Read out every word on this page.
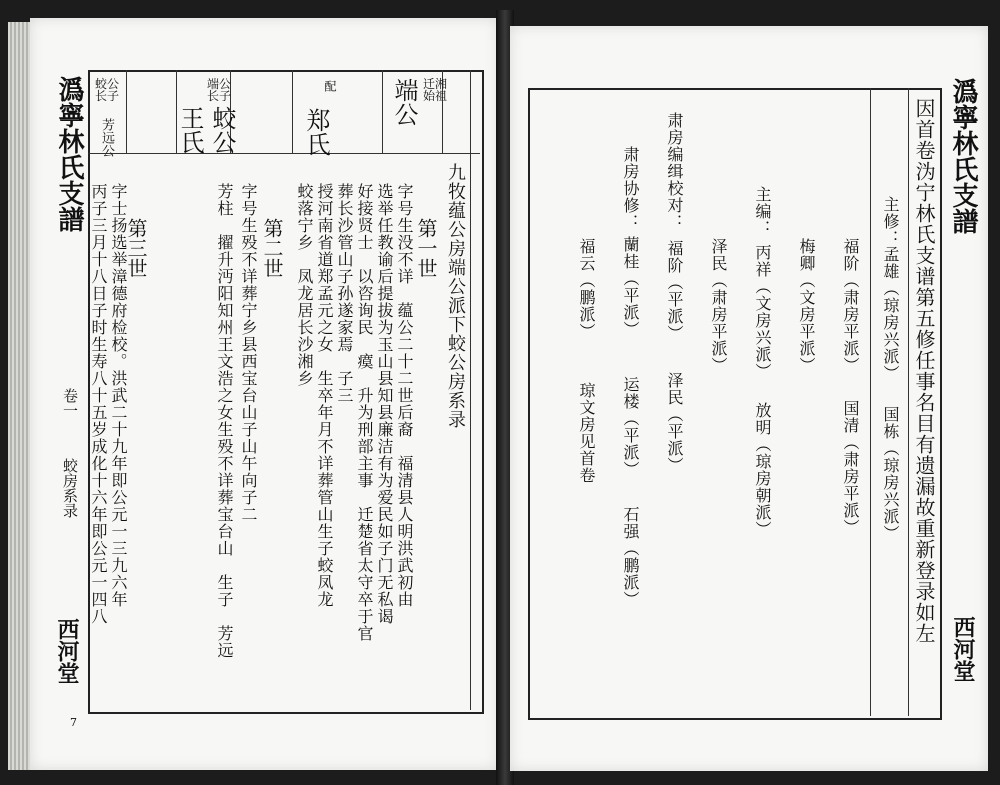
迁湘始祖
端公
配
郑氏
端公长子
蛟公
王氏
蛟公长子
芳远公
九牧蕴公房端公派下蛟公房系录
第一世
第二世
第三世	字号生没不详　蕴公二十二世后裔　福清县人明洪武初由
选举任教谕后提拔为玉山县知县廉洁有为爱民如子门无私谒
好接贤士　以咨询民　瘼　升为刑部主事　迁楚省太守卒于官
葬长沙管山子孙遂家焉　子三
授河南省道郑孟元之女　生卒年月不详葬管山生子蛟凤龙
蛟落宁乡　凤龙居长沙湘乡
字号生殁不详葬宁乡县西宝台山子山午向子二
芳柱　擢升沔阳知州王文浩之女生殁不详葬宝台山　生子　芳远
字士扬选举漳德府检校。洪武二十九年即公元一三九六年
丙子三月十八日子时生寿八十五岁成化十六年即公元一四八
潙寧林氏支譜
卷一
蛟房系录
西河堂
7
因首卷沩宁林氏支谱第五修任事名目有遗漏故重新登录如左
主修：
孟雄（琼房兴派）
国栋（琼房兴派）
福阶（肃房平派）
国清（肃房平派）
梅卿（文房平派）
主编：
丙祥（文房兴派）
放明（琼房朝派）
泽民（肃房平派）
肃房编缉校对：
福阶（平派）
泽民（平派）
肃房协修：
蘭桂（平派）
运楼（平派）
石强（鹏派）
福云（鹏派）
琼文房见首卷
潙寧林氏支譜
西河堂
